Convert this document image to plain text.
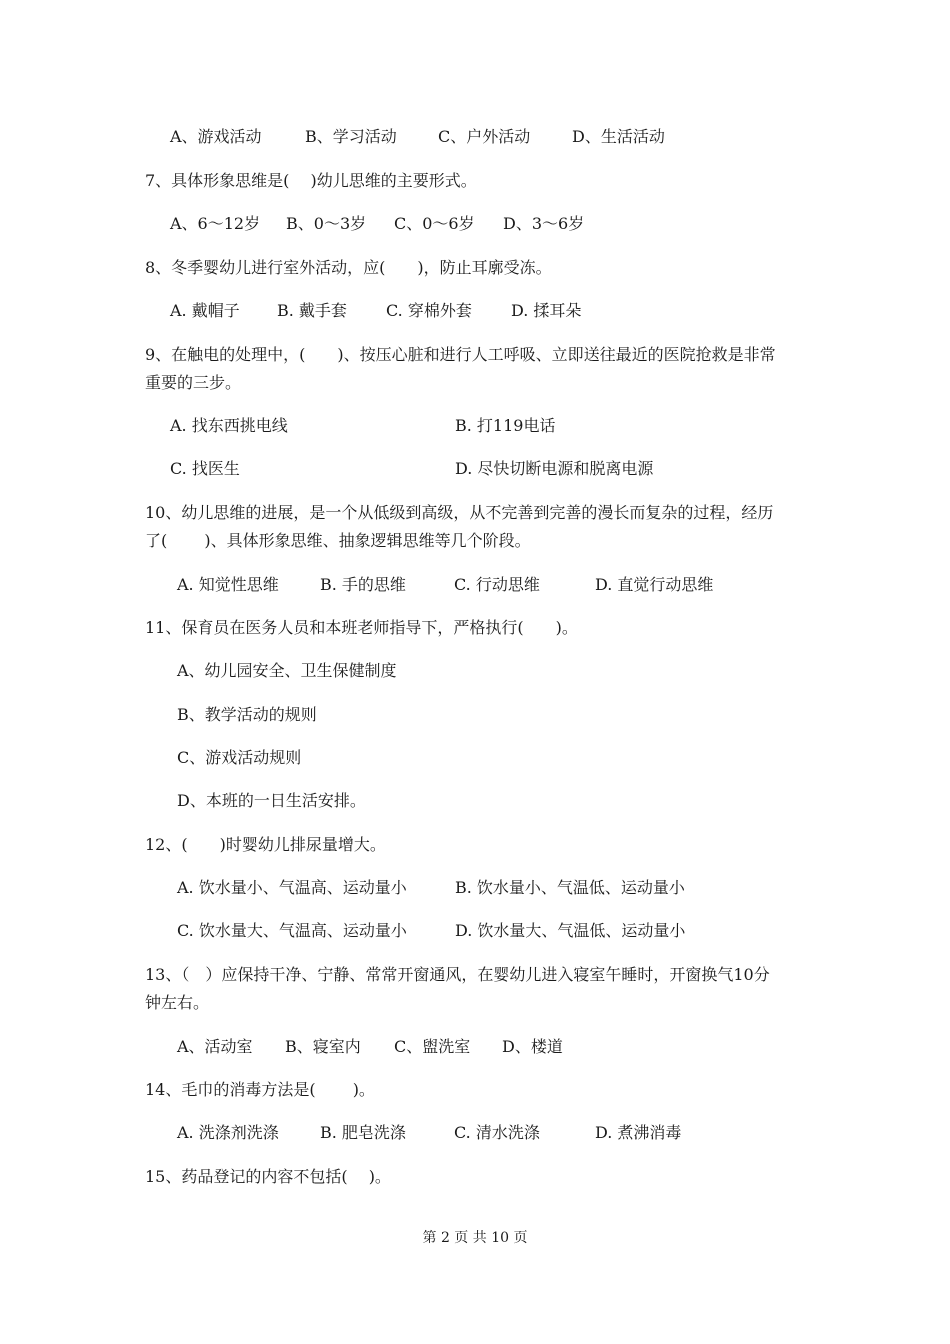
A、游戏活动	B、学习活动	C、户外活动	D、生活活动
7、具体形象思维是(　 )幼儿思维的主要形式。
A、6～12岁 B、0～3岁 C、0～6岁 D、3～6岁
8、冬季婴幼儿进行室外活动，应(　　)，防止耳廓受冻。
A. 戴帽子 B. 戴手套 C. 穿棉外套 D. 揉耳朵
9、在触电的处理中，(　　)、按压心脏和进行人工呼吸、立即送往最近的医院抢救是非常
重要的三步。
A. 找东西挑电线	B. 打119电话
C. 找医生	D. 尽快切断电源和脱离电源
10、幼儿思维的进展，是一个从低级到高级，从不完善到完善的漫长而复杂的过程，经历
了(　　 )、具体形象思维、抽象逻辑思维等几个阶段。
A. 知觉性思维	B. 手的思维	C. 行动思维	D. 直觉行动思维
11、保育员在医务人员和本班老师指导下，严格执行(　　)。
A、幼儿园安全、卫生保健制度
B、教学活动的规则
C、游戏活动规则
D、本班的一日生活安排。
12、(　　)时婴幼儿排尿量增大。
A. 饮水量小、气温高、运动量小	B. 饮水量小、气温低、运动量小
C. 饮水量大、气温高、运动量小	D. 饮水量大、气温低、运动量小
13、（　）应保持干净、宁静、常常开窗通风，在婴幼儿进入寝室午睡时，开窗换气10分
钟左右。
A、活动室 B、寝室内 C、盥洗室 D、楼道
14、毛巾的消毒方法是(　　 )。
A. 洗涤剂洗涤	B. 肥皂洗涤	C. 清水洗涤	D. 煮沸消毒
15、药品登记的内容不包括(　 )。
第 2 页 共 10 页
